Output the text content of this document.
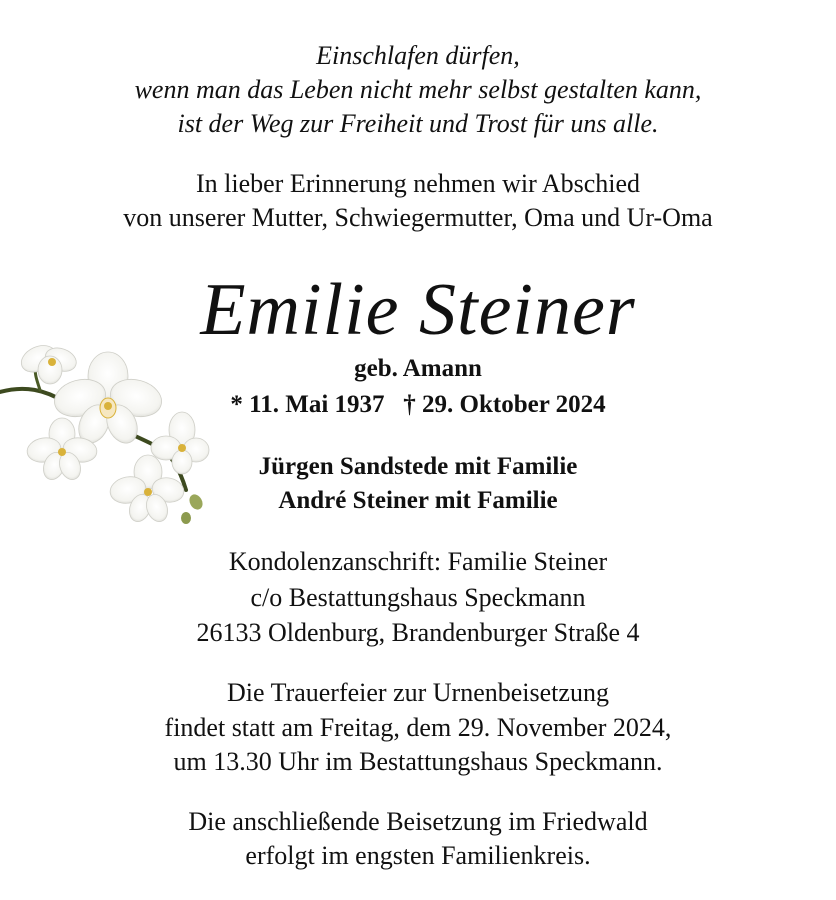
Einschlafen dürfen,
wenn man das Leben nicht mehr selbst gestalten kann,
ist der Weg zur Freiheit und Trost für uns alle.
In lieber Erinnerung nehmen wir Abschied
von unserer Mutter, Schwiegermutter, Oma und Ur-Oma
Emilie Steiner
geb. Amann
* 11. Mai 1937   † 29. Oktober 2024
Jürgen Sandstede mit Familie
André Steiner mit Familie
Kondolenzanschrift: Familie Steiner
c/o Bestattungshaus Speckmann
26133 Oldenburg, Brandenburger Straße 4
Die Trauerfeier zur Urnenbeisetzung
findet statt am Freitag, dem 29. November 2024,
um 13.30 Uhr im Bestattungshaus Speckmann.
Die anschließende Beisetzung im Friedwald
erfolgt im engsten Familienkreis.
